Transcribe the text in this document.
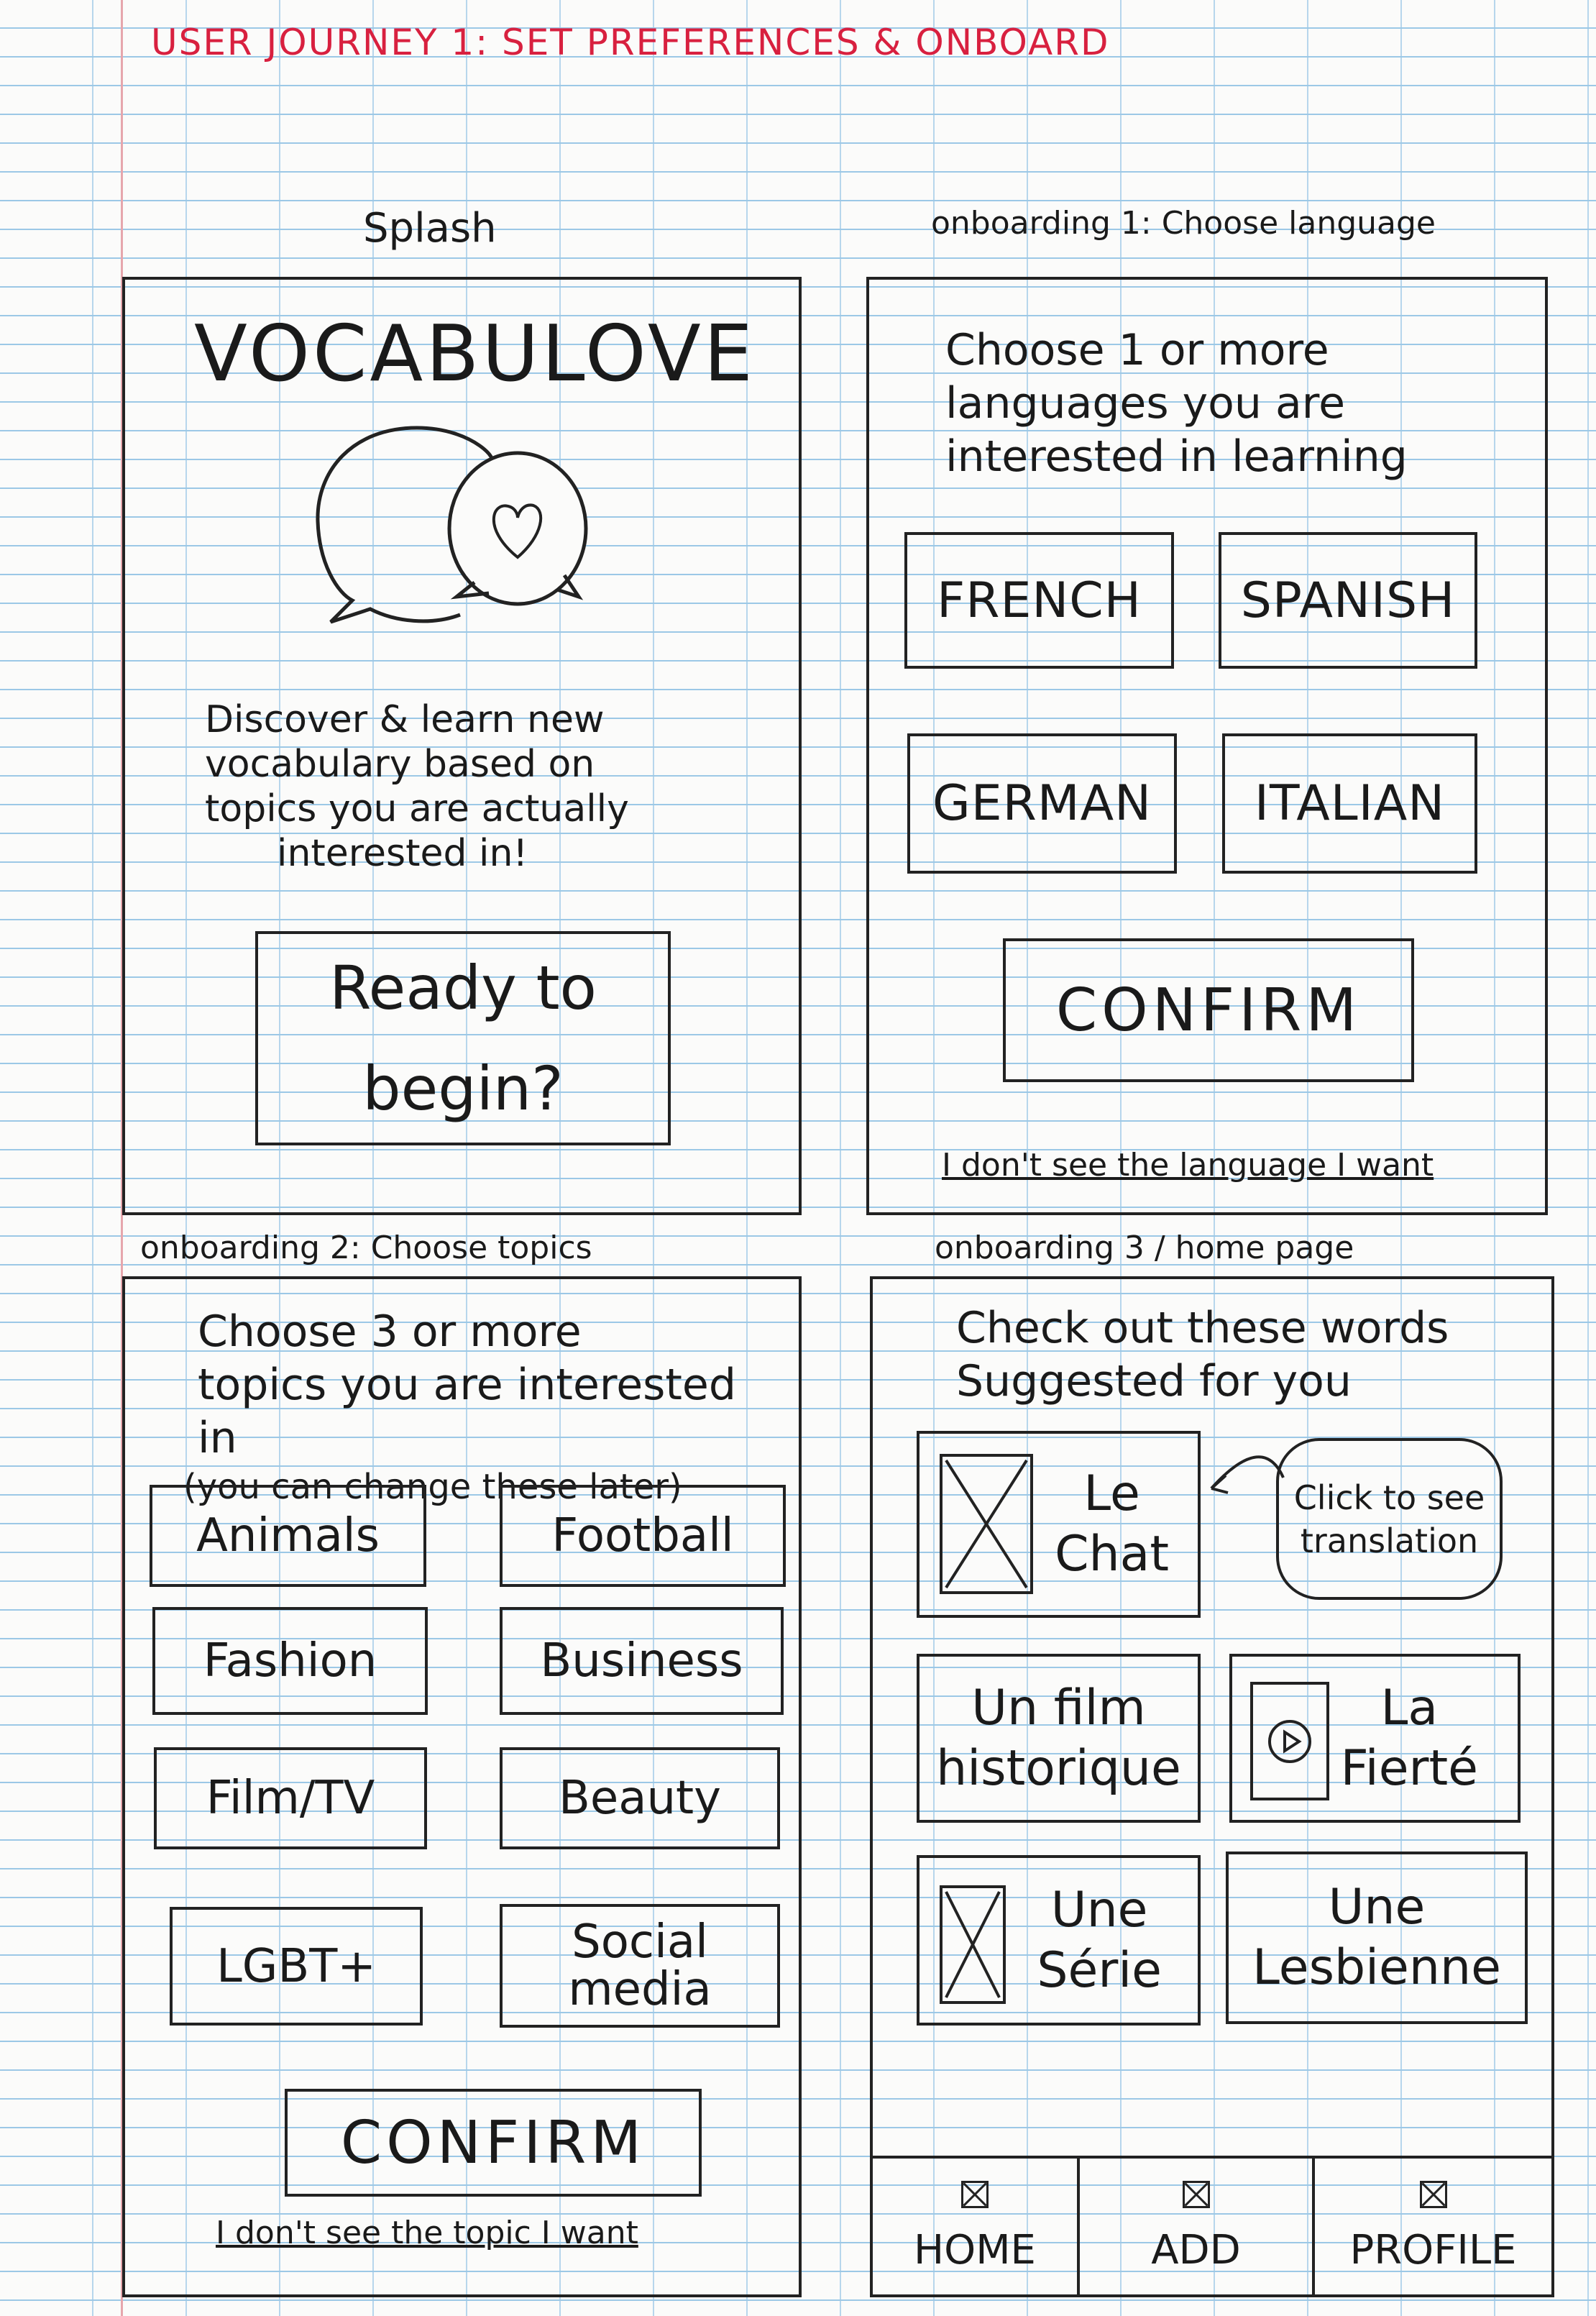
USER JOURNEY 1: SET PREFERENCES & ONBOARD
Splash
VOCABULOVE
Discover & learn new
vocabulary based on
topics you are actually
interested in!
Ready to
begin?
onboarding 1: Choose language
Choose 1 or more
languages you are
interested in learning
FRENCH	SPANISH
GERMAN	ITALIAN
CONFIRM
I don't see the language I want
onboarding 2: Choose topics
Choose 3 or more
topics you are interested in
(you can change these later)
Animals	Football
Fashion	Business
Film/TV	Beauty
LGBT+	Social
media
CONFIRM
I don't see the topic I want
onboarding 3 / home page
Check out these words
Suggested for you
Le
Chat
Click to see
translation
Un film
historique
La
Fierté
Une
Série
Une
Lesbienne
HOME	ADD	PROFILE
